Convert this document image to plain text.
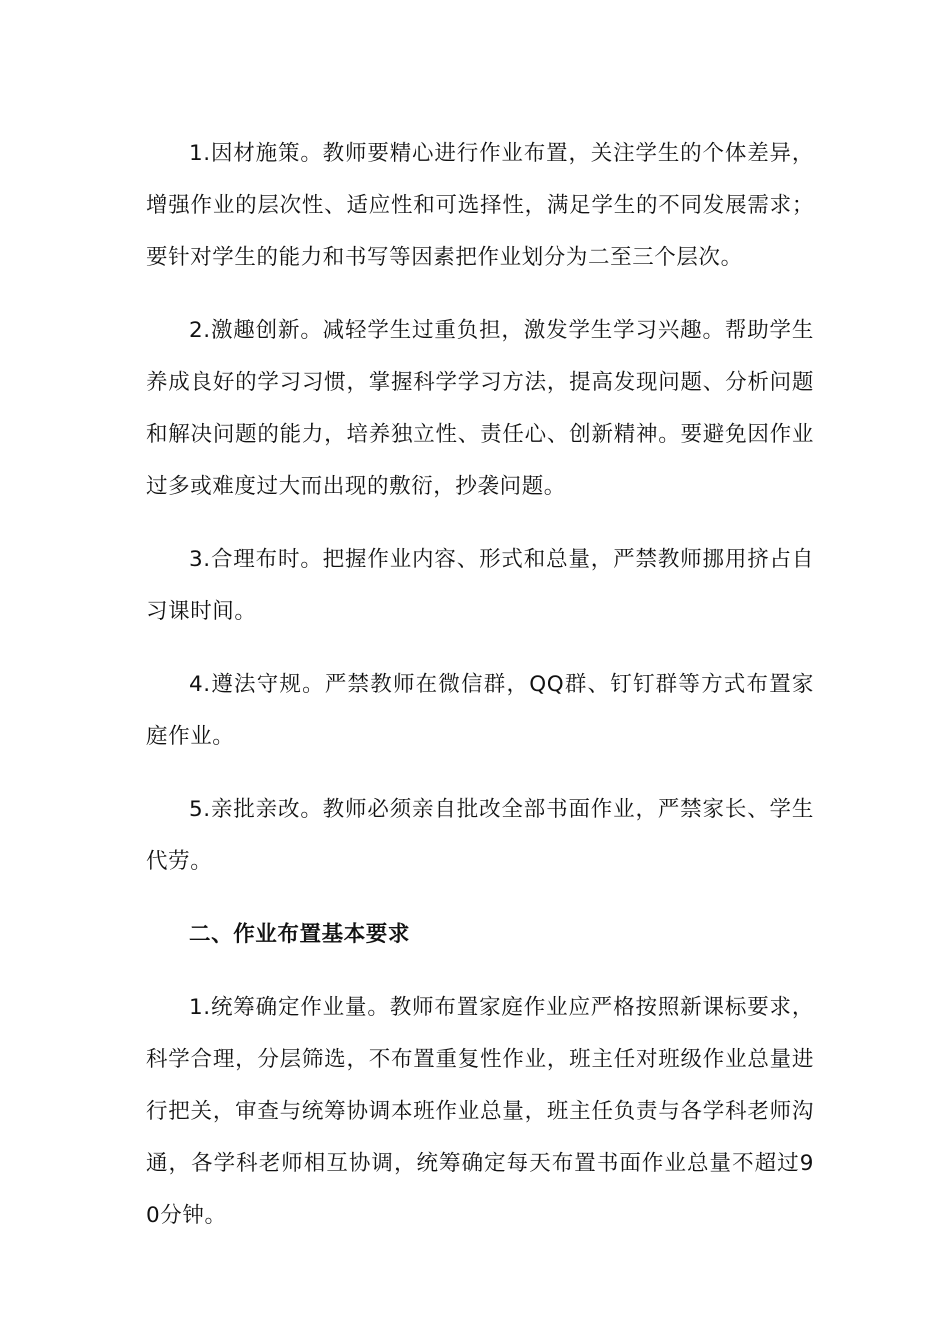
1.因材施策。教师要精心进行作业布置，关注学生的个体差异，增强作业的层次性、适应性和可选择性，满足学生的不同发展需求；要针对学生的能力和书写等因素把作业划分为二至三个层次。

2.激趣创新。减轻学生过重负担，激发学生学习兴趣。帮助学生养成良好的学习习惯，掌握科学学习方法，提高发现问题、分析问题和解决问题的能力，培养独立性、责任心、创新精神。要避免因作业过多或难度过大而出现的敷衍，抄袭问题。

3.合理布时。把握作业内容、形式和总量，严禁教师挪用挤占自习课时间。

4.遵法守规。严禁教师在微信群，QQ群、钉钉群等方式布置家庭作业。

5.亲批亲改。教师必须亲自批改全部书面作业，严禁家长、学生代劳。

二、作业布置基本要求

1.统筹确定作业量。教师布置家庭作业应严格按照新课标要求，科学合理，分层筛选，不布置重复性作业，班主任对班级作业总量进行把关，审查与统筹协调本班作业总量，班主任负责与各学科老师沟通，各学科老师相互协调，统筹确定每天布置书面作业总量不超过90分钟。
